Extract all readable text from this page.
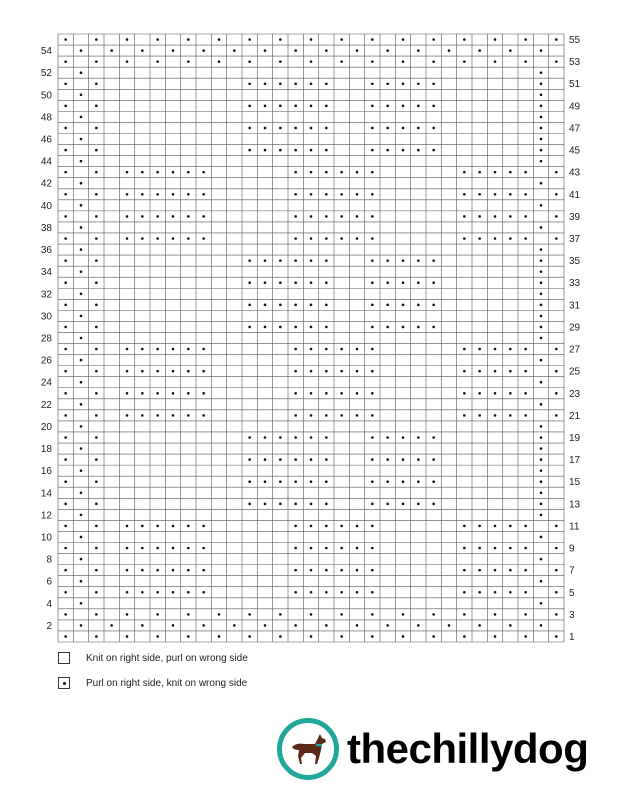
1
2
3
4
5
6
7
8
9
10
11
12
13
14
15
16
17
18
19
20
21
22
23
24
25
26
27
28
29
30
31
32
33
34
35
36
37
38
39
40
41
42
43
44
45
46
47
48
49
50
51
52
53
54
55
Knit on right side, purl on wrong side
Purl on right side, knit on wrong side
thechillydog
